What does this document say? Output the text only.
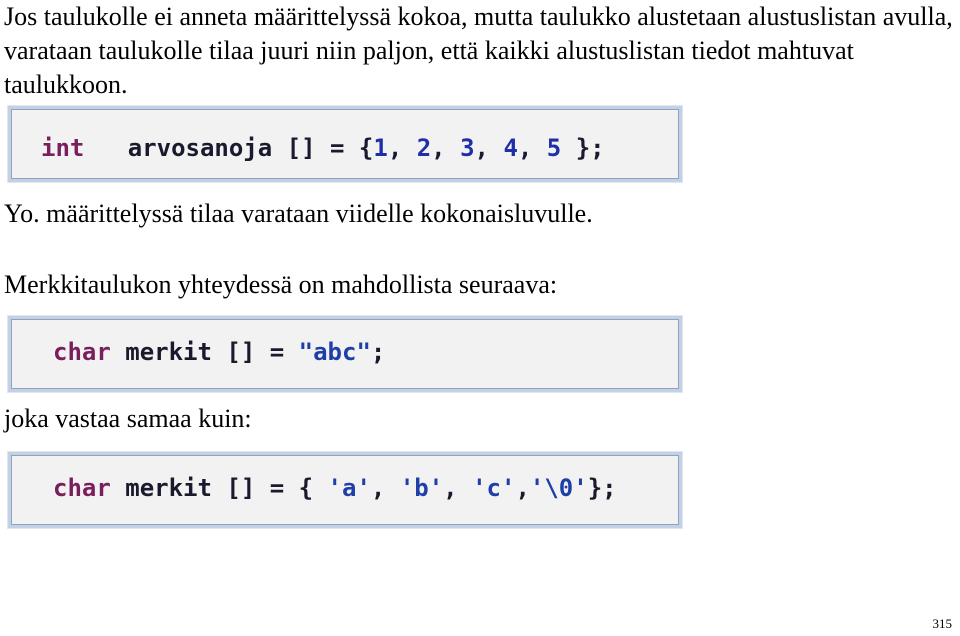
Jos taulukolle ei anneta määrittelyssä kokoa, mutta taulukko alustetaan alustuslistan avulla, varataan taulukolle tilaa juuri niin paljon, että kaikki alustuslistan tiedot mahtuvat taulukkoon.

int   arvosanoja [] = {1, 2, 3, 4, 5 };

Yo. määrittelyssä tilaa varataan viidelle kokonaisluvulle.

Merkkitaulukon yhteydessä on mahdollista seuraava:

char merkit [] = "abc";

joka vastaa samaa kuin:

char merkit [] = { 'a', 'b', 'c','\0'};
315
